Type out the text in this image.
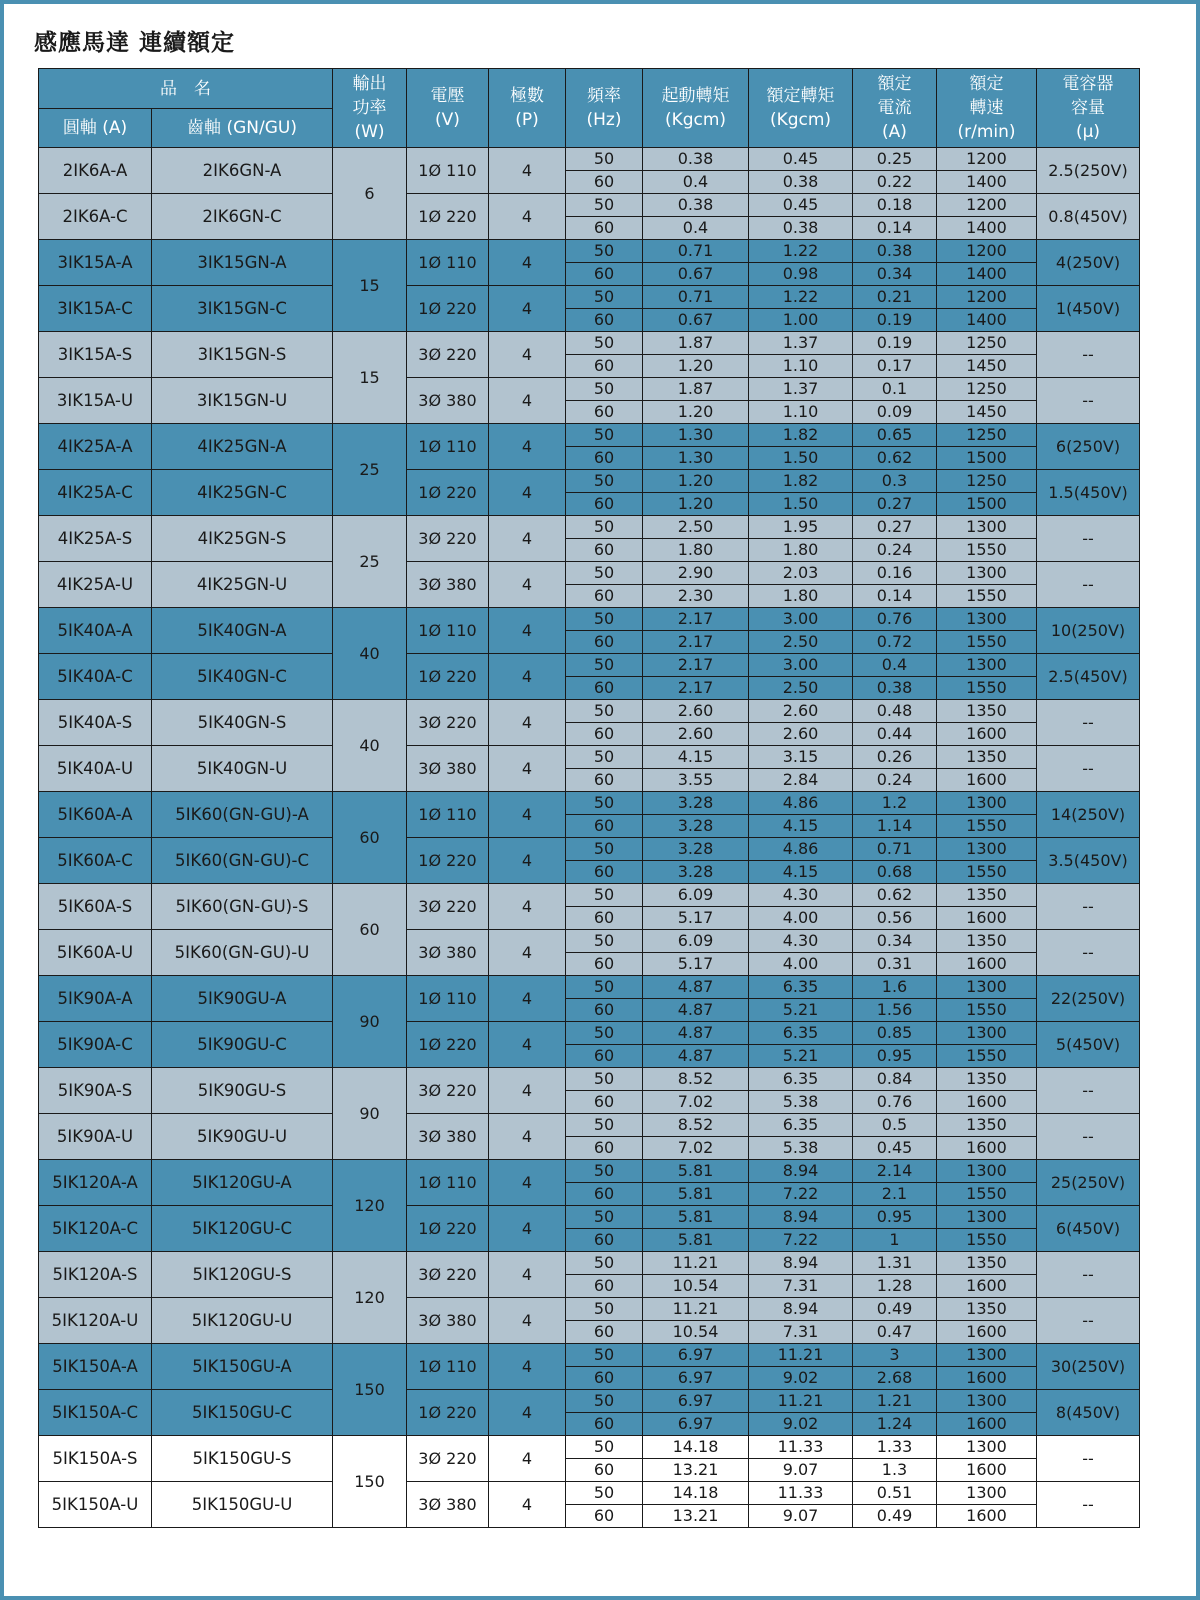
感應馬達 連續額定
品　名		輸出
功率
(W)	電壓
(V)	極數
(P)	頻率
(Hz)	起動轉矩
(Kgcm)	額定轉矩
(Kgcm)	額定
電流
(A)	額定
轉速
(r/min)	電容器
容量
(μ)
圓軸 (A)	齒軸 (GN/GU)									
2IK6A-A	2IK6GN-A	6	1Ø 110	4	50	0.38	0.45	0.25	1200	2.5(250V)
					60	0.4	0.38	0.22	1400	
2IK6A-C	2IK6GN-C		1Ø 220	4	50	0.38	0.45	0.18	1200	0.8(450V)
					60	0.4	0.38	0.14	1400	
3IK15A-A	3IK15GN-A	15	1Ø 110	4	50	0.71	1.22	0.38	1200	4(250V)
					60	0.67	0.98	0.34	1400	
3IK15A-C	3IK15GN-C		1Ø 220	4	50	0.71	1.22	0.21	1200	1(450V)
					60	0.67	1.00	0.19	1400	
3IK15A-S	3IK15GN-S	15	3Ø 220	4	50	1.87	1.37	0.19	1250	--
					60	1.20	1.10	0.17	1450	
3IK15A-U	3IK15GN-U		3Ø 380	4	50	1.87	1.37	0.1	1250	--
					60	1.20	1.10	0.09	1450	
4IK25A-A	4IK25GN-A	25	1Ø 110	4	50	1.30	1.82	0.65	1250	6(250V)
					60	1.30	1.50	0.62	1500	
4IK25A-C	4IK25GN-C		1Ø 220	4	50	1.20	1.82	0.3	1250	1.5(450V)
					60	1.20	1.50	0.27	1500	
4IK25A-S	4IK25GN-S	25	3Ø 220	4	50	2.50	1.95	0.27	1300	--
					60	1.80	1.80	0.24	1550	
4IK25A-U	4IK25GN-U		3Ø 380	4	50	2.90	2.03	0.16	1300	--
					60	2.30	1.80	0.14	1550	
5IK40A-A	5IK40GN-A	40	1Ø 110	4	50	2.17	3.00	0.76	1300	10(250V)
					60	2.17	2.50	0.72	1550	
5IK40A-C	5IK40GN-C		1Ø 220	4	50	2.17	3.00	0.4	1300	2.5(450V)
					60	2.17	2.50	0.38	1550	
5IK40A-S	5IK40GN-S	40	3Ø 220	4	50	2.60	2.60	0.48	1350	--
					60	2.60	2.60	0.44	1600	
5IK40A-U	5IK40GN-U		3Ø 380	4	50	4.15	3.15	0.26	1350	--
					60	3.55	2.84	0.24	1600	
5IK60A-A	5IK60(GN-GU)-A	60	1Ø 110	4	50	3.28	4.86	1.2	1300	14(250V)
					60	3.28	4.15	1.14	1550	
5IK60A-C	5IK60(GN-GU)-C		1Ø 220	4	50	3.28	4.86	0.71	1300	3.5(450V)
					60	3.28	4.15	0.68	1550	
5IK60A-S	5IK60(GN-GU)-S	60	3Ø 220	4	50	6.09	4.30	0.62	1350	--
					60	5.17	4.00	0.56	1600	
5IK60A-U	5IK60(GN-GU)-U		3Ø 380	4	50	6.09	4.30	0.34	1350	--
					60	5.17	4.00	0.31	1600	
5IK90A-A	5IK90GU-A	90	1Ø 110	4	50	4.87	6.35	1.6	1300	22(250V)
					60	4.87	5.21	1.56	1550	
5IK90A-C	5IK90GU-C		1Ø 220	4	50	4.87	6.35	0.85	1300	5(450V)
					60	4.87	5.21	0.95	1550	
5IK90A-S	5IK90GU-S	90	3Ø 220	4	50	8.52	6.35	0.84	1350	--
					60	7.02	5.38	0.76	1600	
5IK90A-U	5IK90GU-U		3Ø 380	4	50	8.52	6.35	0.5	1350	--
					60	7.02	5.38	0.45	1600	
5IK120A-A	5IK120GU-A	120	1Ø 110	4	50	5.81	8.94	2.14	1300	25(250V)
					60	5.81	7.22	2.1	1550	
5IK120A-C	5IK120GU-C		1Ø 220	4	50	5.81	8.94	0.95	1300	6(450V)
					60	5.81	7.22	1	1550	
5IK120A-S	5IK120GU-S	120	3Ø 220	4	50	11.21	8.94	1.31	1350	--
					60	10.54	7.31	1.28	1600	
5IK120A-U	5IK120GU-U		3Ø 380	4	50	11.21	8.94	0.49	1350	--
					60	10.54	7.31	0.47	1600	
5IK150A-A	5IK150GU-A	150	1Ø 110	4	50	6.97	11.21	3	1300	30(250V)
					60	6.97	9.02	2.68	1600	
5IK150A-C	5IK150GU-C		1Ø 220	4	50	6.97	11.21	1.21	1300	8(450V)
					60	6.97	9.02	1.24	1600	
5IK150A-S	5IK150GU-S	150	3Ø 220	4	50	14.18	11.33	1.33	1300	--
					60	13.21	9.07	1.3	1600	
5IK150A-U	5IK150GU-U		3Ø 380	4	50	14.18	11.33	0.51	1300	--
					60	13.21	9.07	0.49	1600	
